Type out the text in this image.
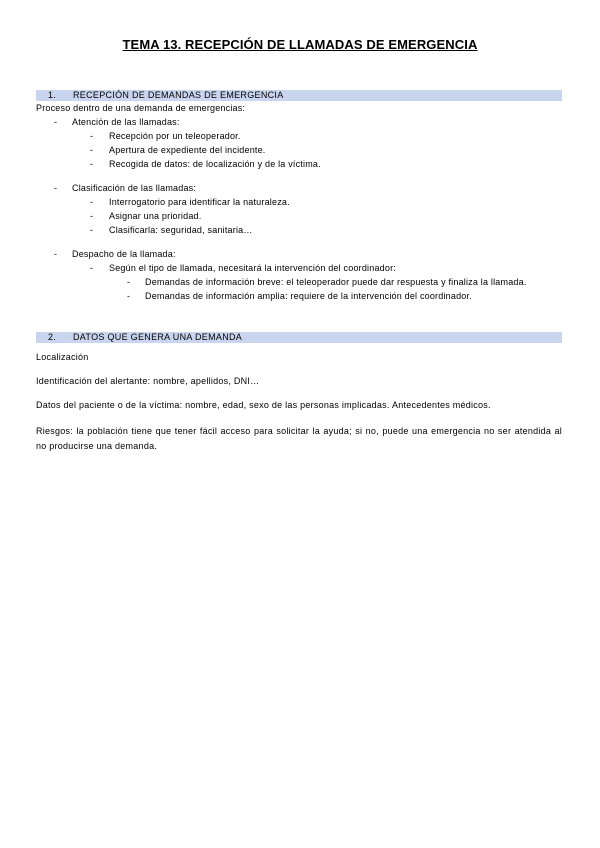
TEMA 13. RECEPCIÓN DE LLAMADAS DE EMERGENCIA
1. RECEPCIÓN DE DEMANDAS DE EMERGENCIA
Proceso dentro de una demanda de emergencias:
- Atención de las llamadas:
- Recepción por un teleoperador.
- Apertura de expediente del incidente.
- Recogida de datos: de localización y de la víctima.
- Clasificación de las llamadas:
- Interrogatorio para identificar la naturaleza.
- Asignar una prioridad.
- Clasificarla: seguridad, sanitaria…
- Despacho de la llamada:
- Según el tipo de llamada, necesitará la intervención del coordinador:
- Demandas de información breve: el teleoperador puede dar respuesta y finaliza la llamada.
- Demandas de información amplia: requiere de la intervención del coordinador.
2. DATOS QUE GENERA UNA DEMANDA
Localización
Identificación del alertante: nombre, apellidos, DNI…
Datos del paciente o de la víctima: nombre, edad, sexo de las personas implicadas. Antecedentes médicos.
Riesgos: la población tiene que tener fácil acceso para solicitar la ayuda; si no, puede una emergencia no ser atendida al no producirse una demanda.
